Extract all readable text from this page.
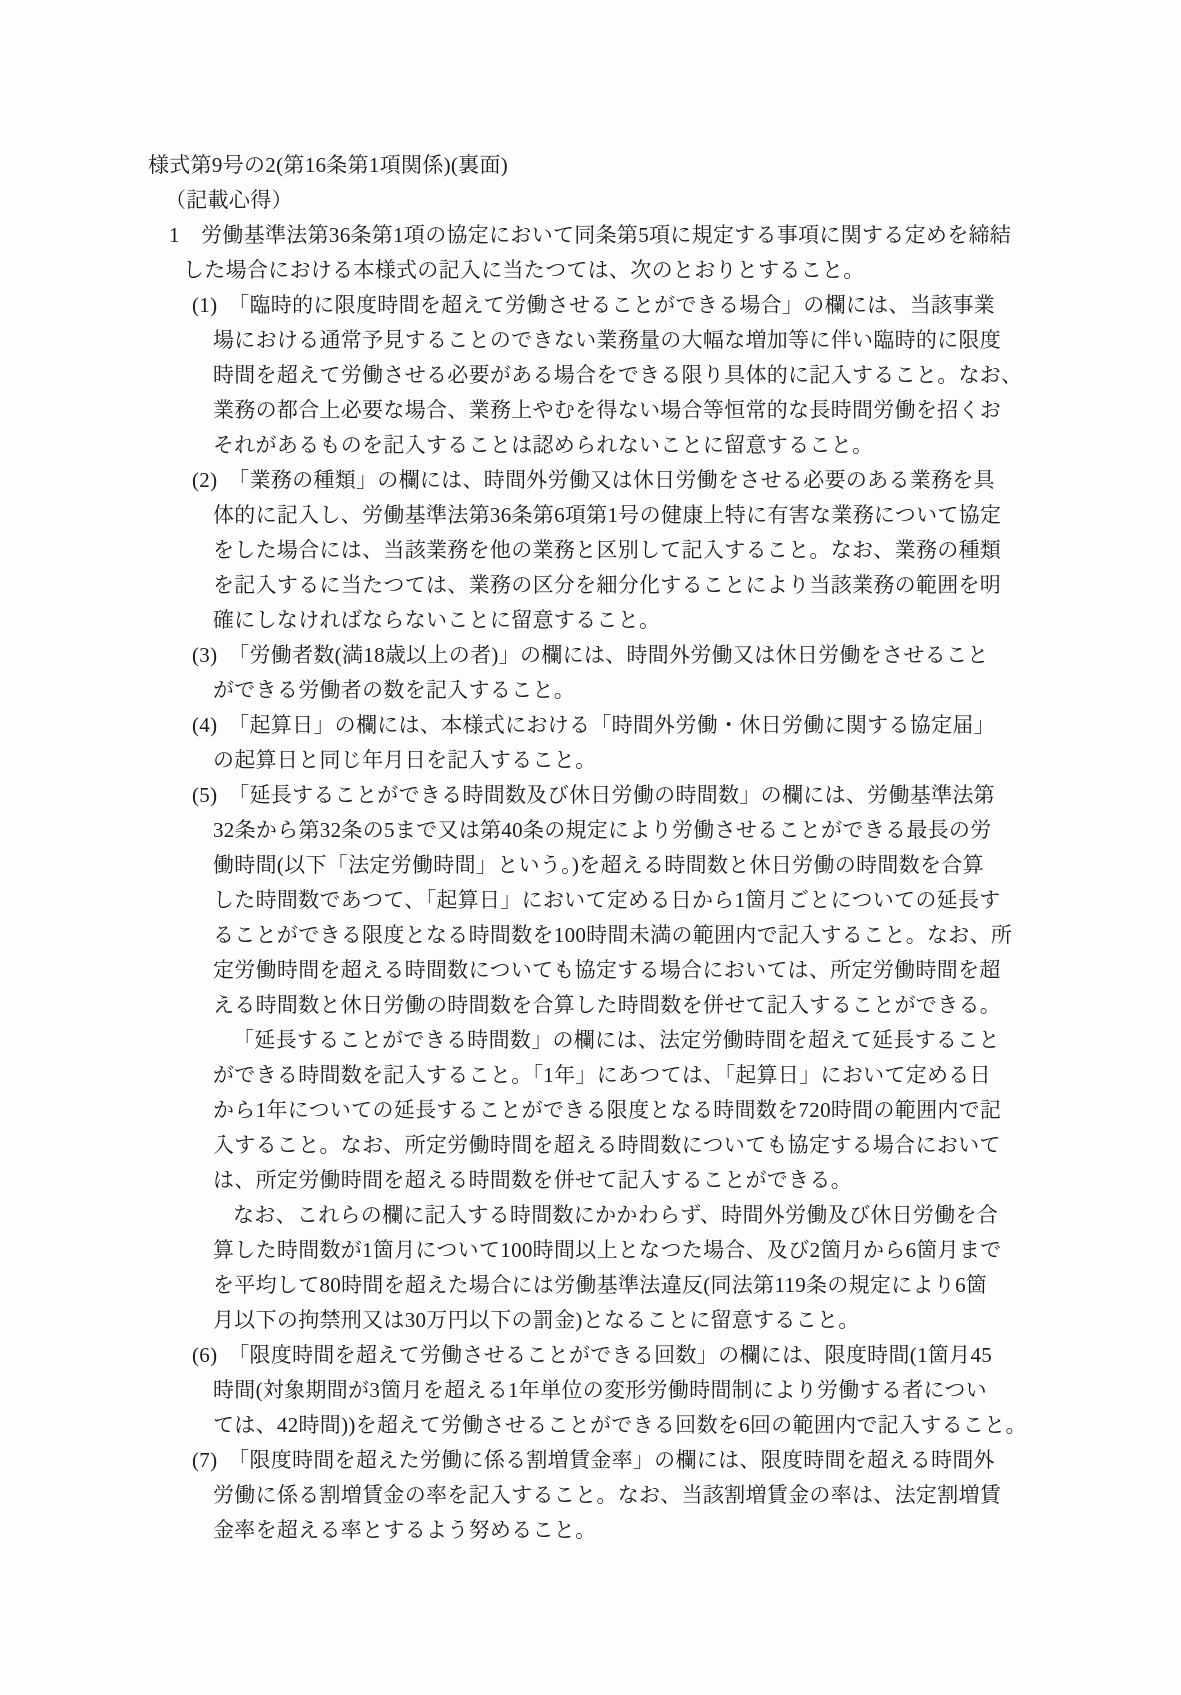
様式第9号の2(第16条第1項関係)(裏面)
（記載心得）
1　労働基準法第36条第1項の協定において同条第5項に規定する事項に関する定めを締結
した場合における本様式の記入に当たつては、次のとおりとすること。
(1)　「臨時的に限度時間を超えて労働させることができる場合」の欄には、当該事業
場における通常予見することのできない業務量の大幅な増加等に伴い臨時的に限度
時間を超えて労働させる必要がある場合をできる限り具体的に記入すること。なお、
業務の都合上必要な場合、業務上やむを得ない場合等恒常的な長時間労働を招くお
それがあるものを記入することは認められないことに留意すること。
(2)　「業務の種類」の欄には、時間外労働又は休日労働をさせる必要のある業務を具
体的に記入し、労働基準法第36条第6項第1号の健康上特に有害な業務について協定
をした場合には、当該業務を他の業務と区別して記入すること。なお、業務の種類
を記入するに当たつては、業務の区分を細分化することにより当該業務の範囲を明
確にしなければならないことに留意すること。
(3)　「労働者数(満18歳以上の者)」の欄には、時間外労働又は休日労働をさせること
ができる労働者の数を記入すること。
(4)　「起算日」の欄には、本様式における「時間外労働・休日労働に関する協定届」
の起算日と同じ年月日を記入すること。
(5)　「延長することができる時間数及び休日労働の時間数」の欄には、労働基準法第
32条から第32条の5まで又は第40条の規定により労働させることができる最長の労
働時間(以下「法定労働時間」という。)を超える時間数と休日労働の時間数を合算
した時間数であつて、「起算日」において定める日から1箇月ごとについての延長す
ることができる限度となる時間数を100時間未満の範囲内で記入すること。なお、所
定労働時間を超える時間数についても協定する場合においては、所定労働時間を超
える時間数と休日労働の時間数を合算した時間数を併せて記入することができる。
「延長することができる時間数」の欄には、法定労働時間を超えて延長すること
ができる時間数を記入すること。「1年」にあつては、「起算日」において定める日
から1年についての延長することができる限度となる時間数を720時間の範囲内で記
入すること。なお、所定労働時間を超える時間数についても協定する場合において
は、所定労働時間を超える時間数を併せて記入することができる。
なお、これらの欄に記入する時間数にかかわらず、時間外労働及び休日労働を合
算した時間数が1箇月について100時間以上となつた場合、及び2箇月から6箇月まで
を平均して80時間を超えた場合には労働基準法違反(同法第119条の規定により6箇
月以下の拘禁刑又は30万円以下の罰金)となることに留意すること。
(6)　「限度時間を超えて労働させることができる回数」の欄には、限度時間(1箇月45
時間(対象期間が3箇月を超える1年単位の変形労働時間制により労働する者につい
ては、42時間))を超えて労働させることができる回数を6回の範囲内で記入すること。
(7)　「限度時間を超えた労働に係る割増賃金率」の欄には、限度時間を超える時間外
労働に係る割増賃金の率を記入すること。なお、当該割増賃金の率は、法定割増賃
金率を超える率とするよう努めること。
